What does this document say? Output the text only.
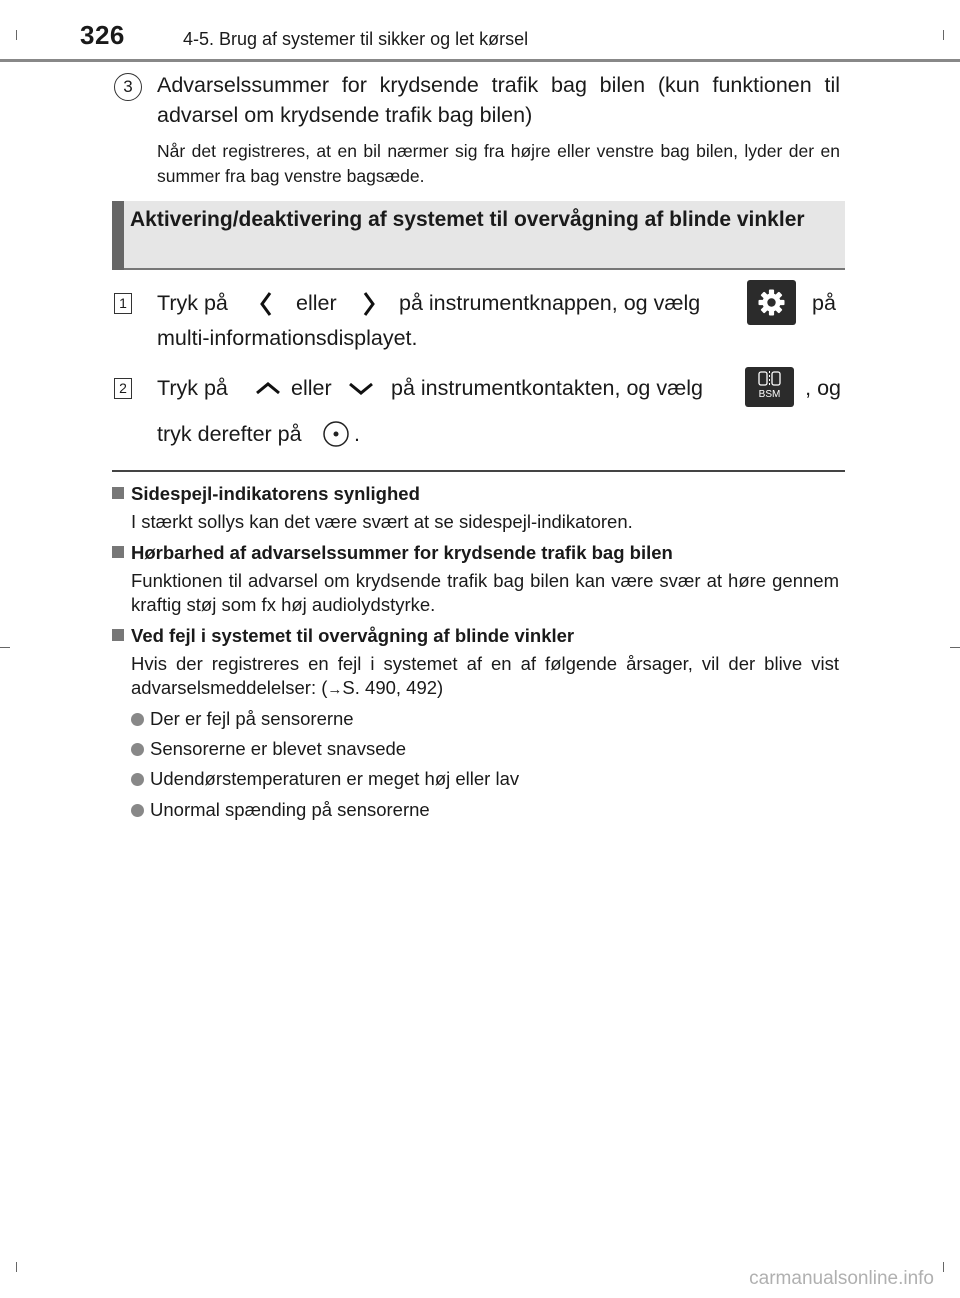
326	4-5. Brug af systemer til sikker og let kørsel
3	Advarselssummer for krydsende trafik bag bilen (kun funktionen til advarsel om krydsende trafik bag bilen)
Når det registreres, at en bil nærmer sig fra højre eller venstre bag bilen, lyder der en summer fra bag venstre bagsæde.
Aktivering/deaktivering af systemet til overvågning af blinde vinkler
1 Tryk på	eller	på instrumentknappen, og vælg	på
multi-informationsdisplayet.
2 Tryk på	eller	på instrumentkontakten, og vælg	BSM	, og
tryk derefter på .
Sidespejl-indikatorens synlighed
I stærkt sollys kan det være svært at se sidespejl-indikatoren.
Hørbarhed af advarselssummer for krydsende trafik bag bilen
Funktionen til advarsel om krydsende trafik bag bilen kan være svær at høre gennem kraftig støj som fx høj audiolydstyrke.
Ved fejl i systemet til overvågning af blinde vinkler
Hvis der registreres en fejl i systemet af en af følgende årsager, vil der blive vist advarselsmeddelelser: (→S. 490, 492)
Der er fejl på sensorerne
Sensorerne er blevet snavsede
Udendørstemperaturen er meget høj eller lav
Unormal spænding på sensorerne
carmanualsonline.info
